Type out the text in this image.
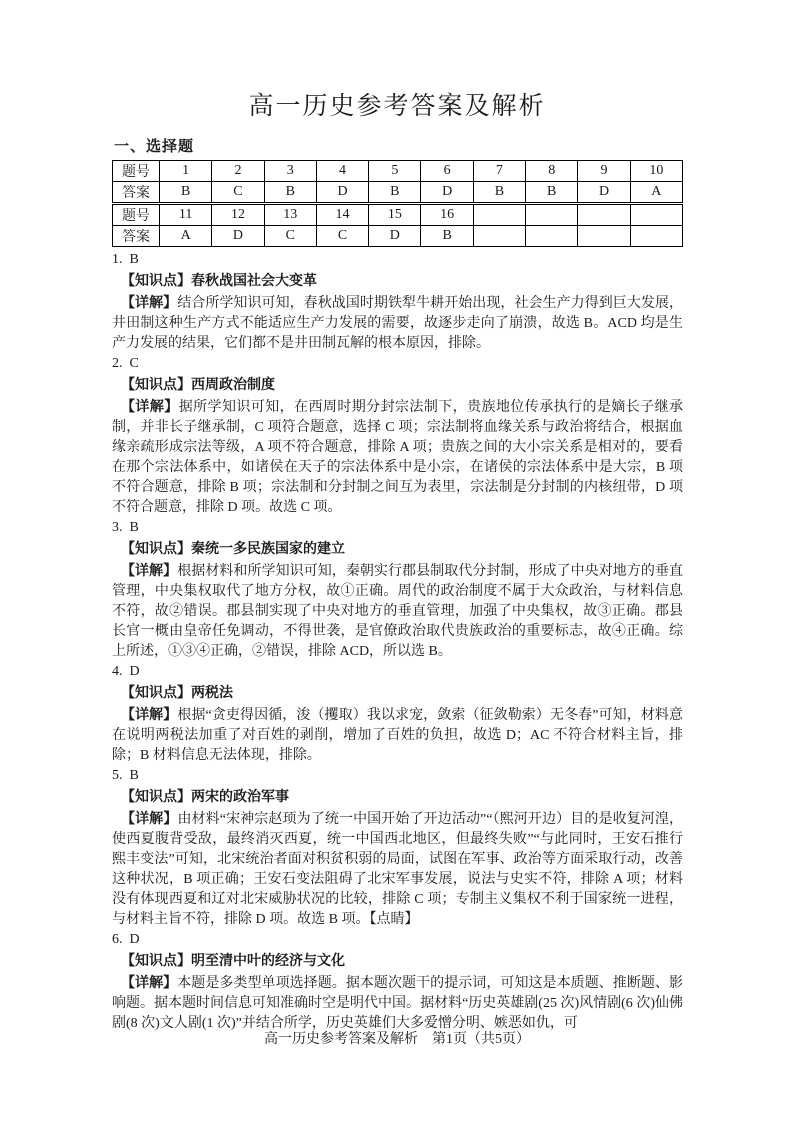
高一历史参考答案及解析
一、选择题
题号	1	2	3	4	5	6	7	8	9	10
答案	B	C	B	D	B	D	B	B	D	A
题号	11	12	13	14	15	16				
答案	A	D	C	C	D	B				
1. B

【知识点】春秋战国社会大变革

【详解】结合所学知识可知，春秋战国时期铁犁牛耕开始出现，社会生产力得到巨大发展，井田制这种生产方式不能适应生产力发展的需要，故逐步走向了崩溃，故选 B。ACD 均是生产力发展的结果，它们都不是井田制瓦解的根本原因，排除。

2. C

【知识点】西周政治制度

【详解】据所学知识可知，在西周时期分封宗法制下，贵族地位传承执行的是嫡长子继承制，并非长子继承制，C 项符合题意，选择 C 项；宗法制将血缘关系与政治将结合，根据血缘亲疏形成宗法等级，A 项不符合题意，排除 A 项；贵族之间的大小宗关系是相对的，要看在那个宗法体系中，如诸侯在天子的宗法体系中是小宗，在诸侯的宗法体系中是大宗，B 项不符合题意，排除 B 项；宗法制和分封制之间互为表里，宗法制是分封制的内核纽带，D 项不符合题意，排除 D 项。故选 C 项。

3. B

【知识点】秦统一多民族国家的建立

【详解】根据材料和所学知识可知，秦朝实行郡县制取代分封制，形成了中央对地方的垂直管理，中央集权取代了地方分权，故①正确。周代的政治制度不属于大众政治，与材料信息不符，故②错误。郡县制实现了中央对地方的垂直管理，加强了中央集权，故③正确。郡县长官一概由皇帝任免调动，不得世袭，是官僚政治取代贵族政治的重要标志，故④正确。综上所述，①③④正确，②错误，排除 ACD，所以选 B。

4. D

【知识点】两税法

【详解】根据“贪吏得因循，浚（攫取）我以求宠，敛索（征敛勒索）无冬春”可知，材料意在说明两税法加重了对百姓的剥削，增加了百姓的负担，故选 D；AC 不符合材料主旨，排除；B 材料信息无法体现，排除。

5. B

【知识点】两宋的政治军事

【详解】由材料“宋神宗赵顼为了统一中国开始了开边活动”“（熙河开边）目的是收复河湟，使西夏腹背受敌，最终消灭西夏，统一中国西北地区，但最终失败”“与此同时，王安石推行熙丰变法”可知，北宋统治者面对积贫积弱的局面，试图在军事、政治等方面采取行动，改善这种状况，B 项正确；王安石变法阻碍了北宋军事发展，说法与史实不符，排除 A 项；材料没有体现西夏和辽对北宋威胁状况的比较，排除 C 项；专制主义集权不利于国家统一进程，与材料主旨不符，排除 D 项。故选 B 项。【点睛】

6. D

【知识点】明至清中叶的经济与文化

【详解】本题是多类型单项选择题。据本题次题干的提示词，可知这是本质题、推断题、影响题。据本题时间信息可知准确时空是明代中国。据材料“历史英雄剧(25 次)风情剧(6 次)仙佛剧(8 次)文人剧(1 次)”并结合所学，历史英雄们大多爱憎分明、嫉恶如仇，可

高一历史参考答案及解析　第1页（共5页）
